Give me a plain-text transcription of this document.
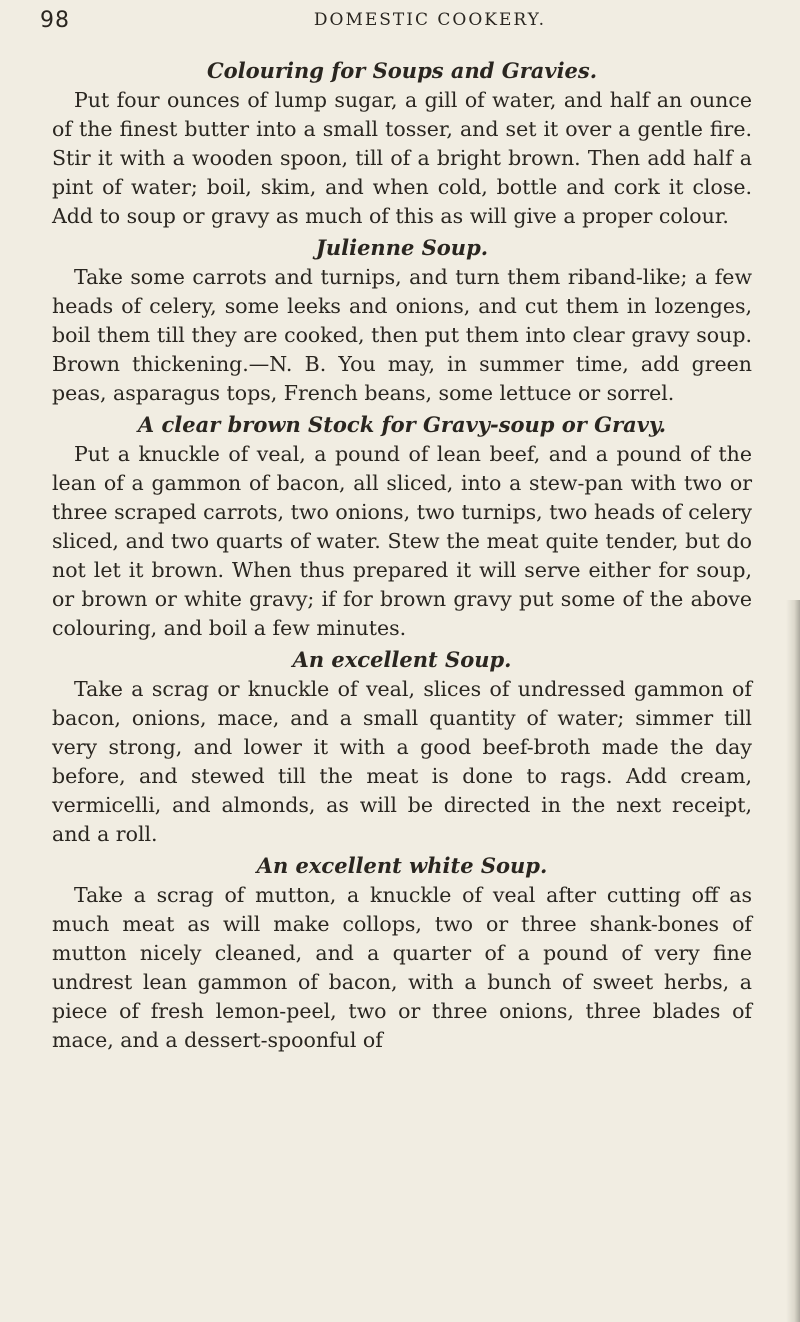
98	DOMESTIC COOKERY.
Colouring for Soups and Gravies.

Put four ounces of lump sugar, a gill of water, and half an ounce of the finest butter into a small tosser, and set it over a gentle fire. Stir it with a wooden spoon, till of a bright brown. Then add half a pint of water; boil, skim, and when cold, bottle and cork it close. Add to soup or gravy as much of this as will give a proper colour.

Julienne Soup.

Take some carrots and turnips, and turn them riband-like; a few heads of celery, some leeks and onions, and cut them in lozenges, boil them till they are cooked, then put them into clear gravy soup. Brown thickening.—N. B. You may, in summer time, add green peas, asparagus tops, French beans, some lettuce or sorrel.

A clear brown Stock for Gravy-soup or Gravy.

Put a knuckle of veal, a pound of lean beef, and a pound of the lean of a gammon of bacon, all sliced, into a stew-pan with two or three scraped carrots, two onions, two turnips, two heads of celery sliced, and two quarts of water. Stew the meat quite tender, but do not let it brown. When thus prepared it will serve either for soup, or brown or white gravy; if for brown gravy put some of the above colouring, and boil a few minutes.

An excellent Soup.

Take a scrag or knuckle of veal, slices of undressed gammon of bacon, onions, mace, and a small quantity of water; simmer till very strong, and lower it with a good beef-broth made the day before, and stewed till the meat is done to rags. Add cream, vermicelli, and almonds, as will be directed in the next receipt, and a roll.

An excellent white Soup.

Take a scrag of mutton, a knuckle of veal after cutting off as much meat as will make collops, two or three shank-bones of mutton nicely cleaned, and a quarter of a pound of very fine undrest lean gammon of bacon, with a bunch of sweet herbs, a piece of fresh lemon-peel, two or three onions, three blades of mace, and a dessert-spoonful of
